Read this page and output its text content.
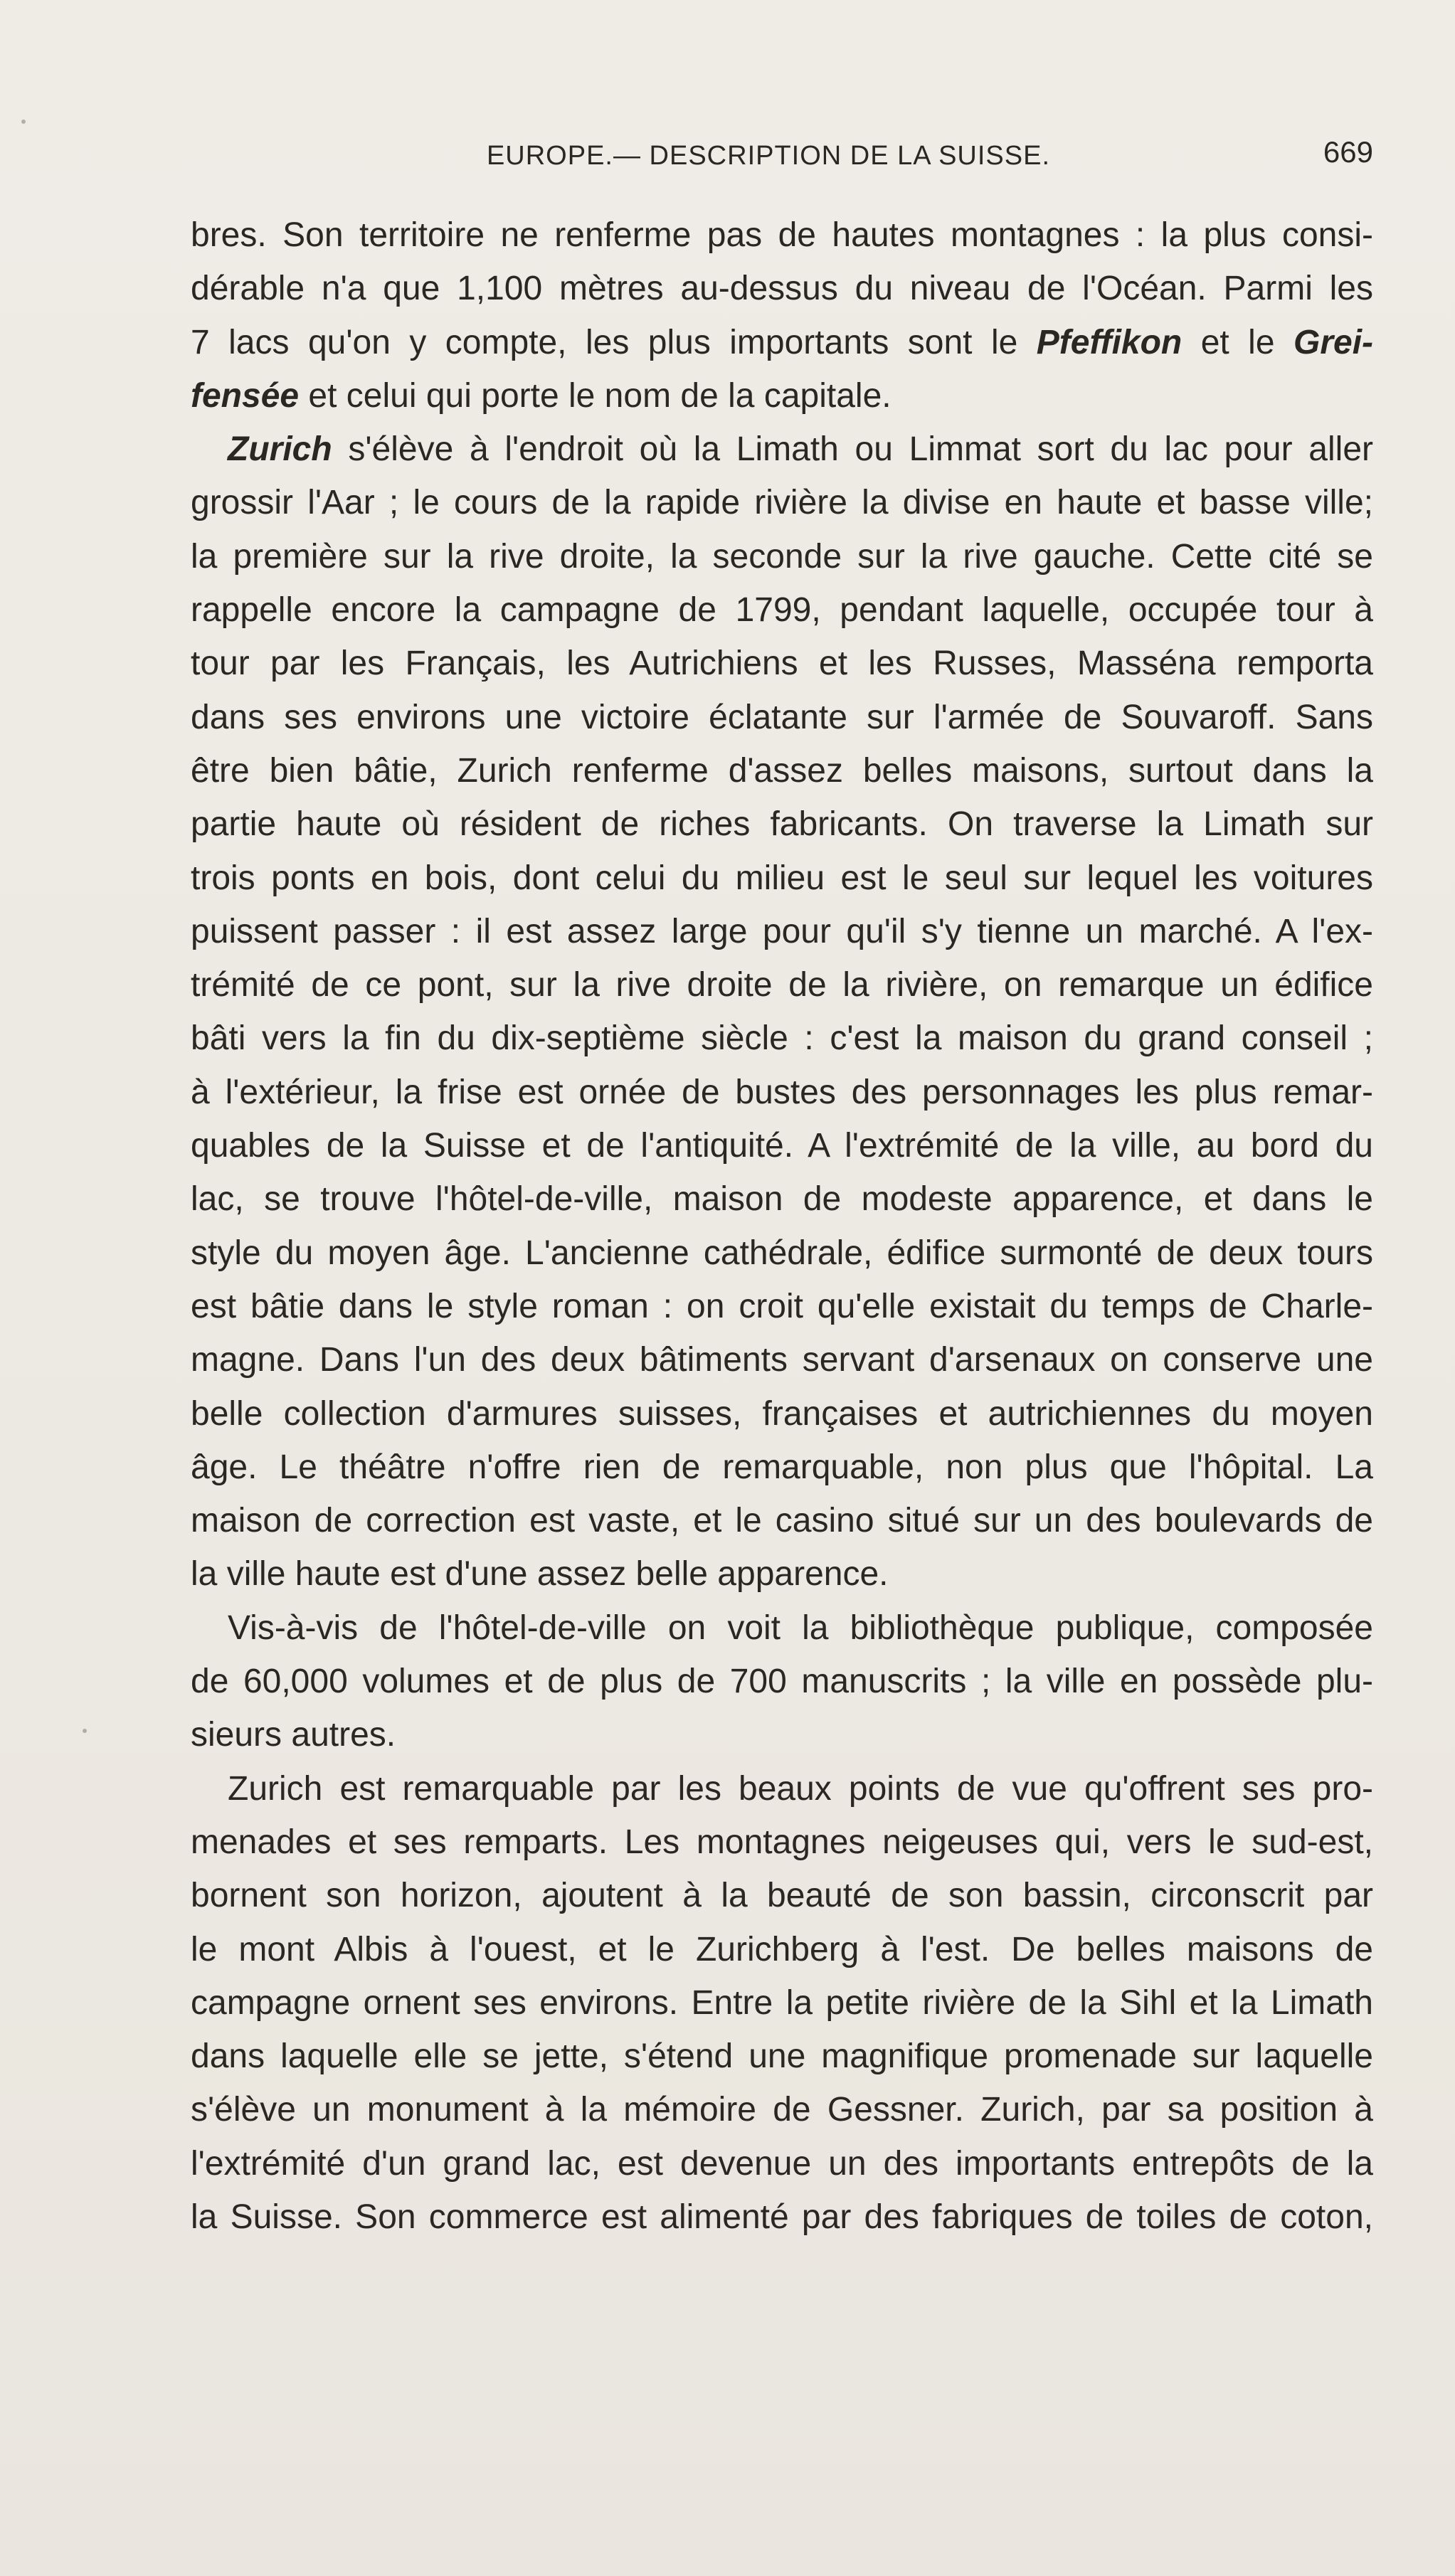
EUROPE.— DESCRIPTION DE LA SUISSE.	669
bres. Son territoire ne renferme pas de hautes montagnes : la plus consi-
dérable n'a que 1,100 mètres au-dessus du niveau de l'Océan. Parmi les
7 lacs qu'on y compte, les plus importants sont le Pfeffikon et le Grei-
fensée et celui qui porte le nom de la capitale.
Zurich s'élève à l'endroit où la Limath ou Limmat sort du lac pour aller
grossir l'Aar ; le cours de la rapide rivière la divise en haute et basse ville;
la première sur la rive droite, la seconde sur la rive gauche. Cette cité se
rappelle encore la campagne de 1799, pendant laquelle, occupée tour à
tour par les Français, les Autrichiens et les Russes, Masséna remporta
dans ses environs une victoire éclatante sur l'armée de Souvaroff. Sans
être bien bâtie, Zurich renferme d'assez belles maisons, surtout dans la
partie haute où résident de riches fabricants. On traverse la Limath sur
trois ponts en bois, dont celui du milieu est le seul sur lequel les voitures
puissent passer : il est assez large pour qu'il s'y tienne un marché. A l'ex-
trémité de ce pont, sur la rive droite de la rivière, on remarque un édifice
bâti vers la fin du dix-septième siècle : c'est la maison du grand conseil ;
à l'extérieur, la frise est ornée de bustes des personnages les plus remar-
quables de la Suisse et de l'antiquité. A l'extrémité de la ville, au bord du
lac, se trouve l'hôtel-de-ville, maison de modeste apparence, et dans le
style du moyen âge. L'ancienne cathédrale, édifice surmonté de deux tours
est bâtie dans le style roman : on croit qu'elle existait du temps de Charle-
magne. Dans l'un des deux bâtiments servant d'arsenaux on conserve une
belle collection d'armures suisses, françaises et autrichiennes du moyen
âge. Le théâtre n'offre rien de remarquable, non plus que l'hôpital. La
maison de correction est vaste, et le casino situé sur un des boulevards de
la ville haute est d'une assez belle apparence.
Vis-à-vis de l'hôtel-de-ville on voit la bibliothèque publique, composée
de 60,000 volumes et de plus de 700 manuscrits ; la ville en possède plu-
sieurs autres.
Zurich est remarquable par les beaux points de vue qu'offrent ses pro-
menades et ses remparts. Les montagnes neigeuses qui, vers le sud-est,
bornent son horizon, ajoutent à la beauté de son bassin, circonscrit par
le mont Albis à l'ouest, et le Zurichberg à l'est. De belles maisons de
campagne ornent ses environs. Entre la petite rivière de la Sihl et la Limath
dans laquelle elle se jette, s'étend une magnifique promenade sur laquelle
s'élève un monument à la mémoire de Gessner. Zurich, par sa position à
l'extrémité d'un grand lac, est devenue un des importants entrepôts de la
la Suisse. Son commerce est alimenté par des fabriques de toiles de coton,
